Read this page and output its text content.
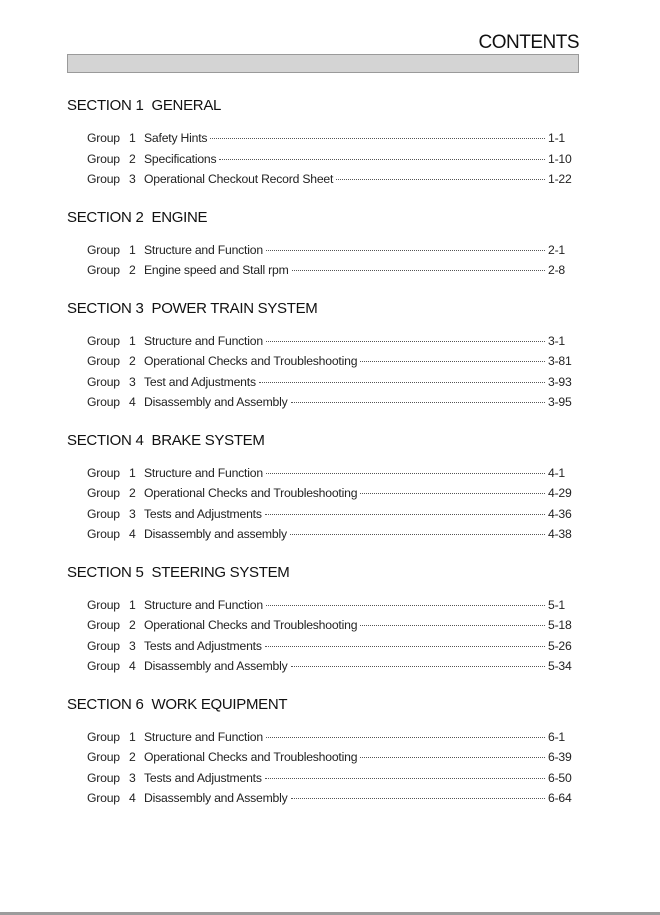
CONTENTS
SECTION 1 GENERAL
Group 1 Safety Hints	1-1
Group 2 Specifications	1-10
Group 3 Operational Checkout Record Sheet	1-22
SECTION 2 ENGINE
Group 1 Structure and Function	2-1
Group 2 Engine speed and Stall rpm	2-8
SECTION 3 POWER TRAIN SYSTEM
Group 1 Structure and Function	3-1
Group 2 Operational Checks and Troubleshooting	3-81
Group 3 Test and Adjustments	3-93
Group 4 Disassembly and Assembly	3-95
SECTION 4 BRAKE SYSTEM
Group 1 Structure and Function	4-1
Group 2 Operational Checks and Troubleshooting	4-29
Group 3 Tests and Adjustments	4-36
Group 4 Disassembly and assembly	4-38
SECTION 5 STEERING SYSTEM
Group 1 Structure and Function	5-1
Group 2 Operational Checks and Troubleshooting	5-18
Group 3 Tests and Adjustments	5-26
Group 4 Disassembly and Assembly	5-34
SECTION 6 WORK EQUIPMENT
Group 1 Structure and Function	6-1
Group 2 Operational Checks and Troubleshooting	6-39
Group 3 Tests and Adjustments	6-50
Group 4 Disassembly and Assembly	6-64
